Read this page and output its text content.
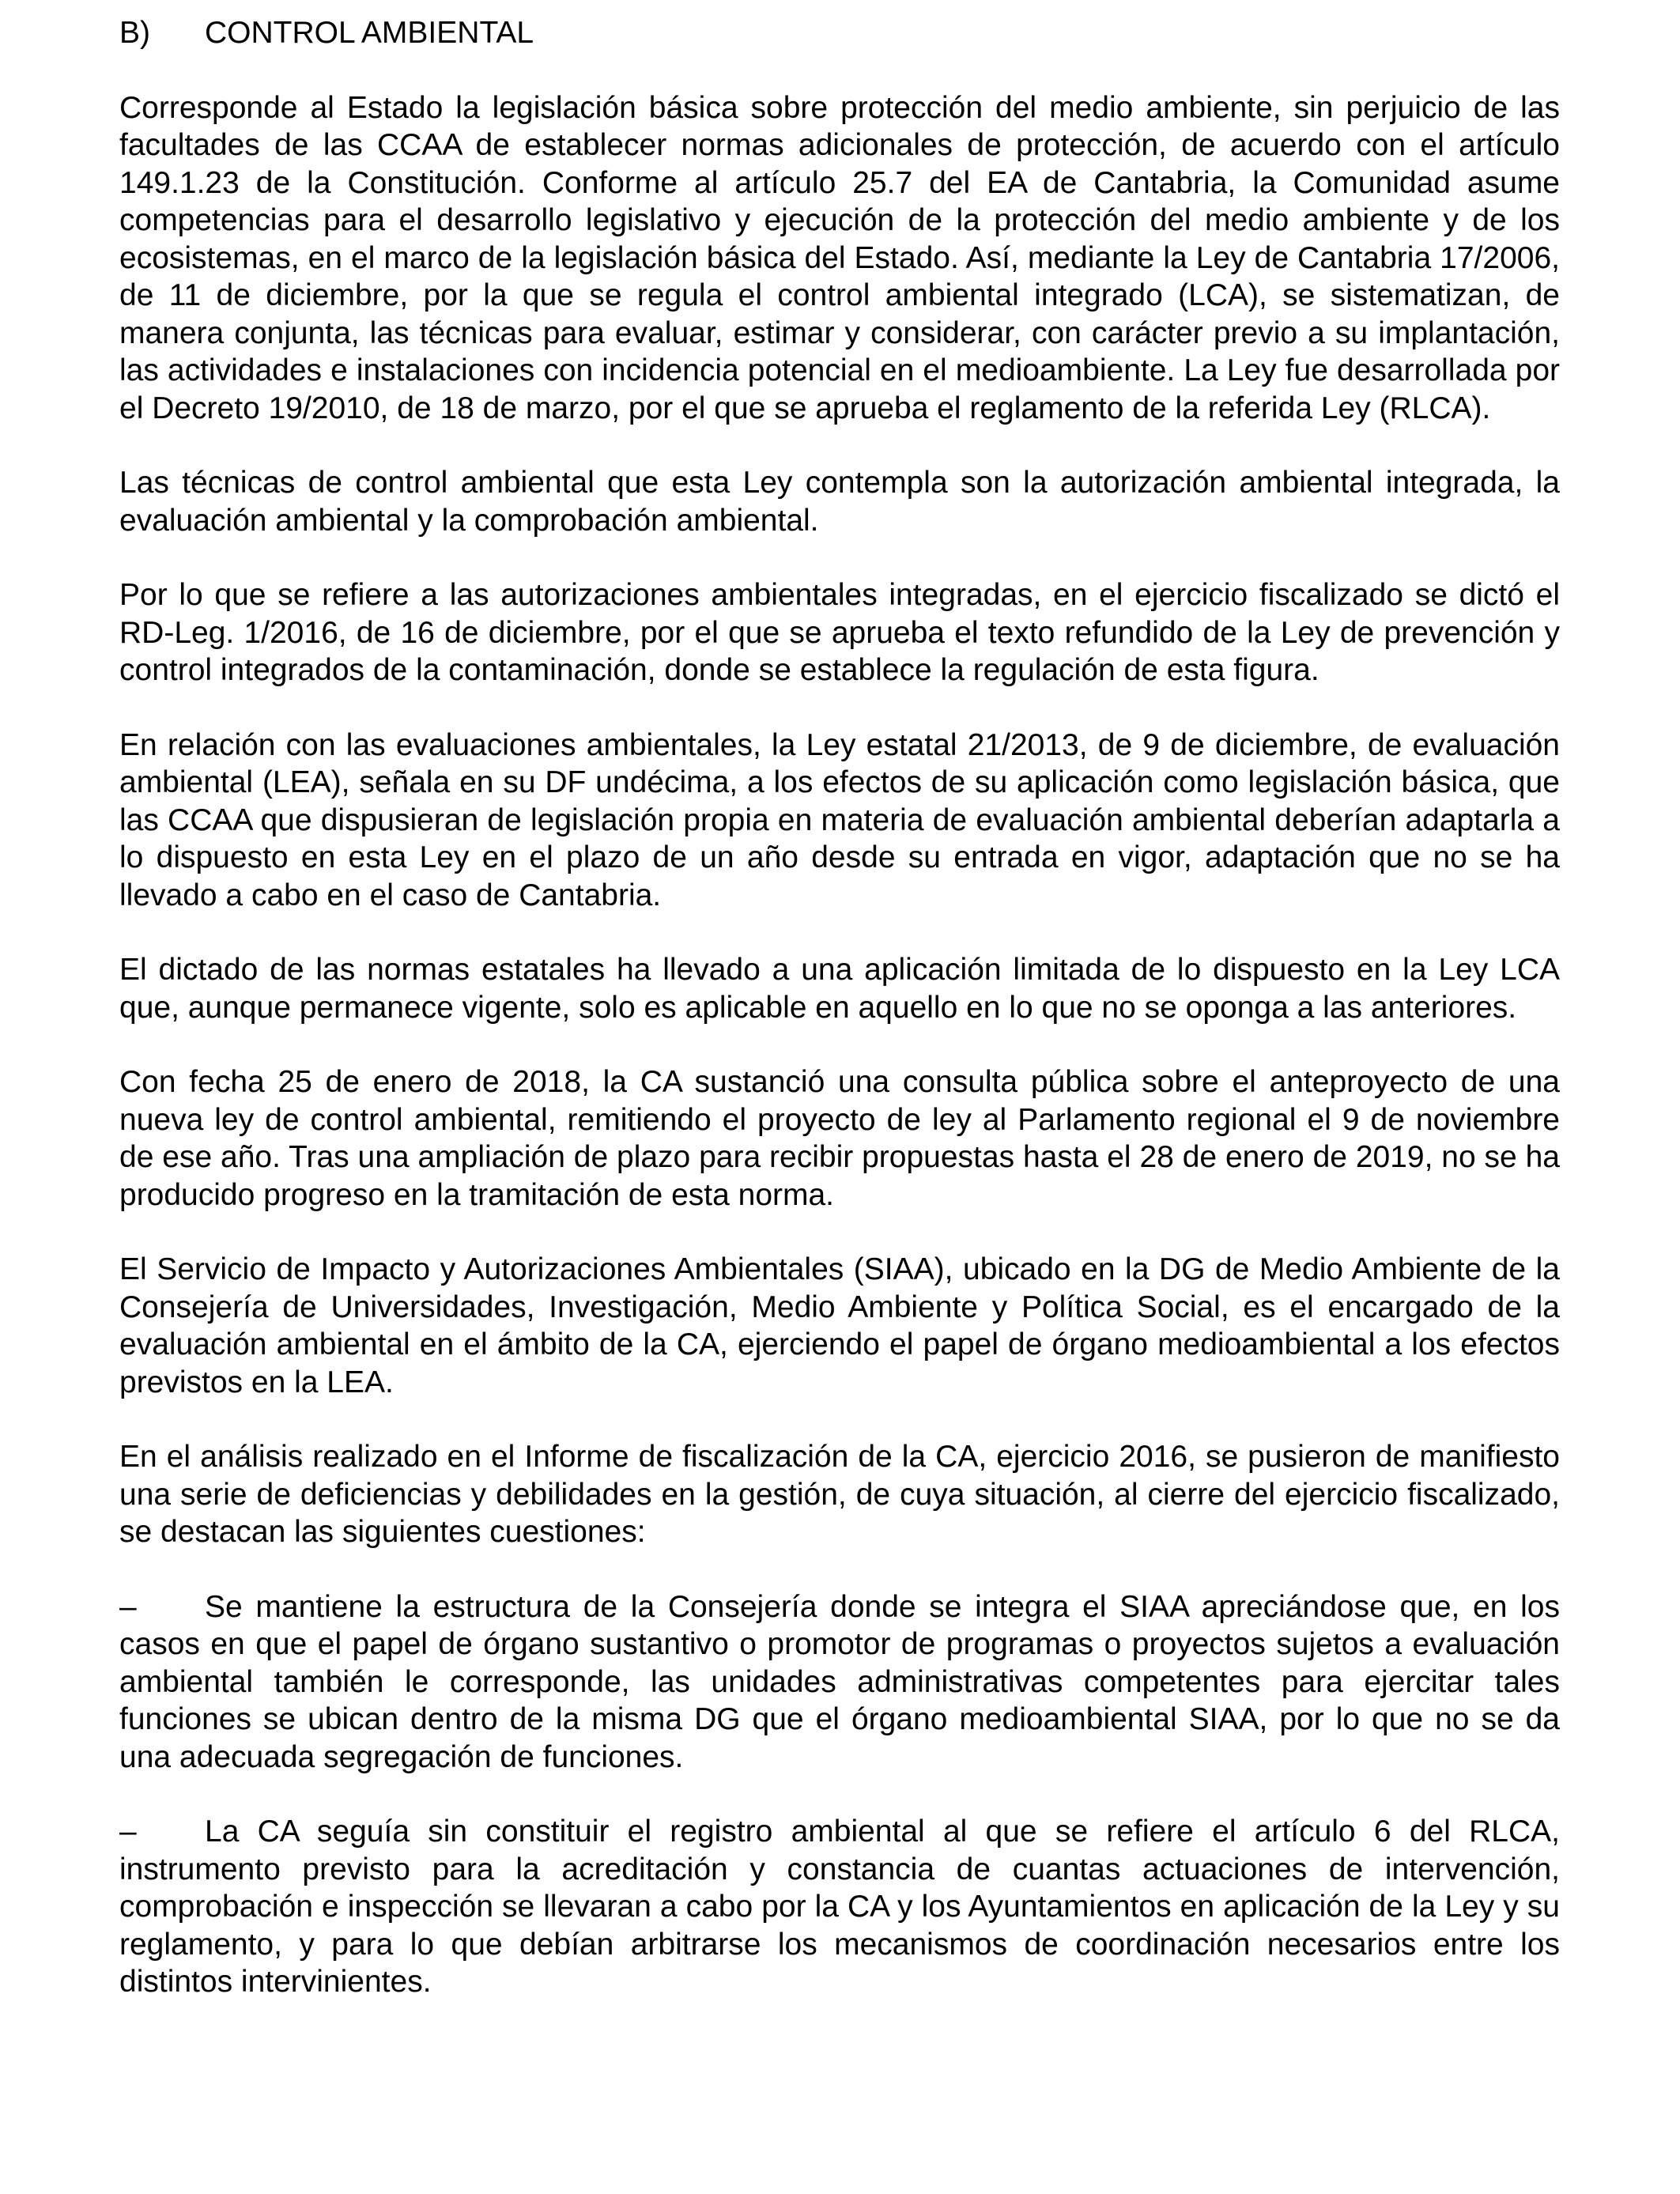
B)	CONTROL AMBIENTAL

Corresponde al Estado la legislación básica sobre protección del medio ambiente, sin perjuicio de las facultades de las CCAA de establecer normas adicionales de protección, de acuerdo con el artículo 149.1.23 de la Constitución. Conforme al artículo 25.7 del EA de Cantabria, la Comunidad asume competencias para el desarrollo legislativo y ejecución de la protección del medio ambiente y de los ecosistemas, en el marco de la legislación básica del Estado. Así, mediante la Ley de Cantabria 17/2006, de 11 de diciembre, por la que se regula el control ambiental integrado (LCA), se sistematizan, de manera conjunta, las técnicas para evaluar, estimar y considerar, con carácter previo a su implantación, las actividades e instalaciones con incidencia potencial en el medioambiente. La Ley fue desarrollada por el Decreto 19/2010, de 18 de marzo, por el que se aprueba el reglamento de la referida Ley (RLCA).

Las técnicas de control ambiental que esta Ley contempla son la autorización ambiental integrada, la evaluación ambiental y la comprobación ambiental.

Por lo que se refiere a las autorizaciones ambientales integradas, en el ejercicio fiscalizado se dictó el RD-Leg. 1/2016, de 16 de diciembre, por el que se aprueba el texto refundido de la Ley de prevención y control integrados de la contaminación, donde se establece la regulación de esta figura.

En relación con las evaluaciones ambientales, la Ley estatal 21/2013, de 9 de diciembre, de evaluación ambiental (LEA), señala en su DF undécima, a los efectos de su aplicación como legislación básica, que las CCAA que dispusieran de legislación propia en materia de evaluación ambiental deberían adaptarla a lo dispuesto en esta Ley en el plazo de un año desde su entrada en vigor, adaptación que no se ha llevado a cabo en el caso de Cantabria.

El dictado de las normas estatales ha llevado a una aplicación limitada de lo dispuesto en la Ley LCA que, aunque permanece vigente, solo es aplicable en aquello en lo que no se oponga a las anteriores.

Con fecha 25 de enero de 2018, la CA sustanció una consulta pública sobre el anteproyecto de una nueva ley de control ambiental, remitiendo el proyecto de ley al Parlamento regional el 9 de noviembre de ese año. Tras una ampliación de plazo para recibir propuestas hasta el 28 de enero de 2019, no se ha producido progreso en la tramitación de esta norma.

El Servicio de Impacto y Autorizaciones Ambientales (SIAA), ubicado en la DG de Medio Ambiente de la Consejería de Universidades, Investigación, Medio Ambiente y Política Social, es el encargado de la evaluación ambiental en el ámbito de la CA, ejerciendo el papel de órgano medioambiental a los efectos previstos en la LEA.

En el análisis realizado en el Informe de fiscalización de la CA, ejercicio 2016, se pusieron de manifiesto una serie de deficiencias y debilidades en la gestión, de cuya situación, al cierre del ejercicio fiscalizado, se destacan las siguientes cuestiones:

– Se mantiene la estructura de la Consejería donde se integra el SIAA apreciándose que, en los casos en que el papel de órgano sustantivo o promotor de programas o proyectos sujetos a evaluación ambiental también le corresponde, las unidades administrativas competentes para ejercitar tales funciones se ubican dentro de la misma DG que el órgano medioambiental SIAA, por lo que no se da una adecuada segregación de funciones.
– La CA seguía sin constituir el registro ambiental al que se refiere el artículo 6 del RLCA, instrumento previsto para la acreditación y constancia de cuantas actuaciones de intervención, comprobación e inspección se llevaran a cabo por la CA y los Ayuntamientos en aplicación de la Ley y su reglamento, y para lo que debían arbitrarse los mecanismos de coordinación necesarios entre los distintos intervinientes.
